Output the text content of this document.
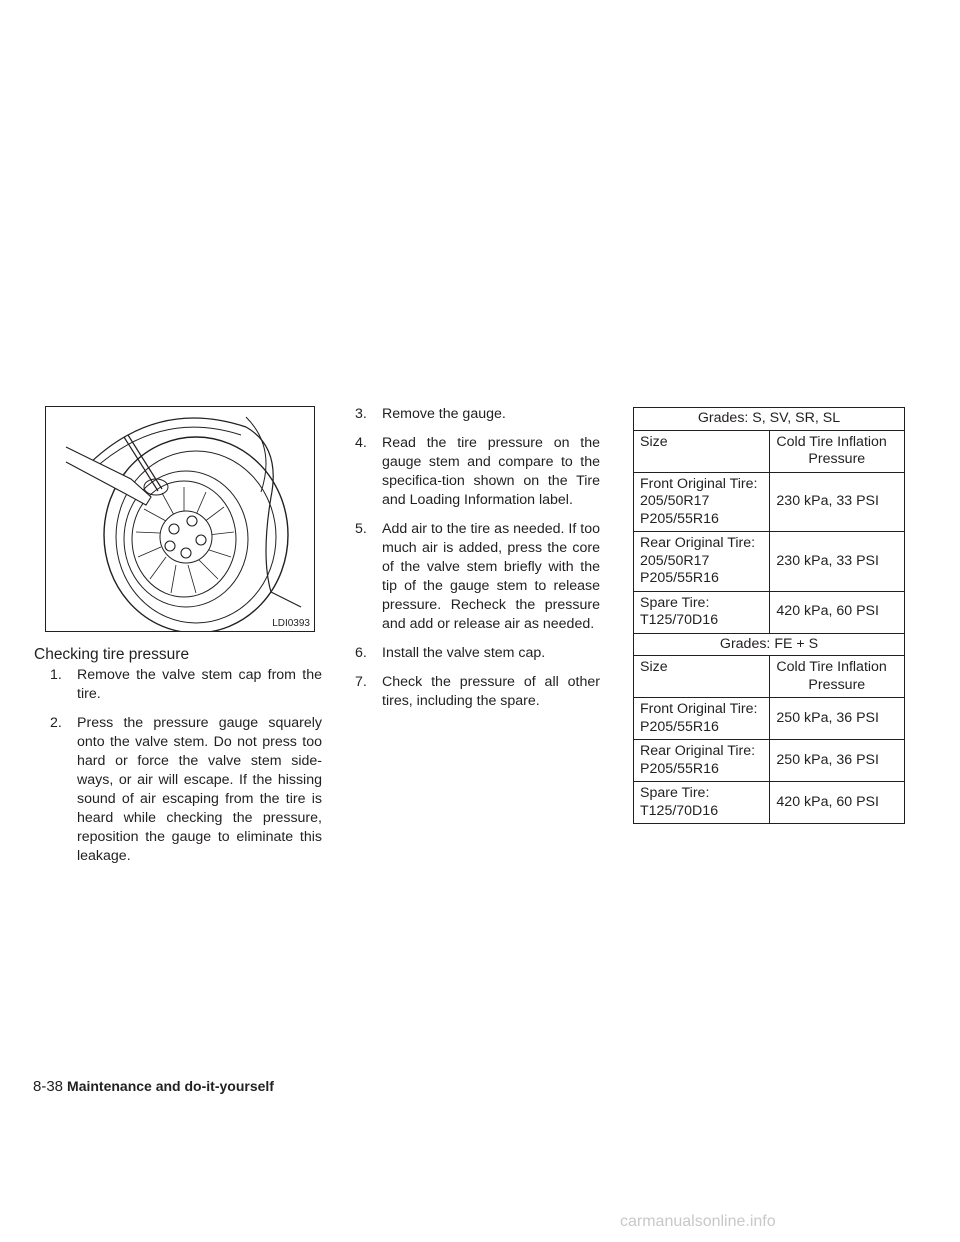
LDI0393
Checking tire pressure
1. Remove the valve stem cap from the tire.
2. Press the pressure gauge squarely onto the valve stem. Do not press too hard or force the valve stem side-ways, or air will escape. If the hissing sound of air escaping from the tire is heard while checking the pressure, reposition the gauge to eliminate this leakage.
3. Remove the gauge.
4. Read the tire pressure on the gauge stem and compare to the specifica-tion shown on the Tire and Loading Information label.
5. Add air to the tire as needed. If too much air is added, press the core of the valve stem briefly with the tip of the gauge stem to release pressure. Recheck the pressure and add or release air as needed.
6. Install the valve stem cap.
7. Check the pressure of all other tires, including the spare.
Grades: S, SV, SR, SL	
Size	Cold Tire Inflation
Pressure

Front Original Tire:
205/50R17
P205/55R16	230 kPa, 33 PSI
Rear Original Tire:
205/50R17
P205/55R16	230 kPa, 33 PSI
Spare Tire:
T125/70D16	420 kPa, 60 PSI
Grades: FE + S	
Size	Cold Tire Inflation
Pressure

Front Original Tire:
P205/55R16	250 kPa, 36 PSI
Rear Original Tire:
P205/55R16	250 kPa, 36 PSI
Spare Tire:
T125/70D16	420 kPa, 60 PSI
8-38 Maintenance and do-it-yourself
carmanualsonline.info
